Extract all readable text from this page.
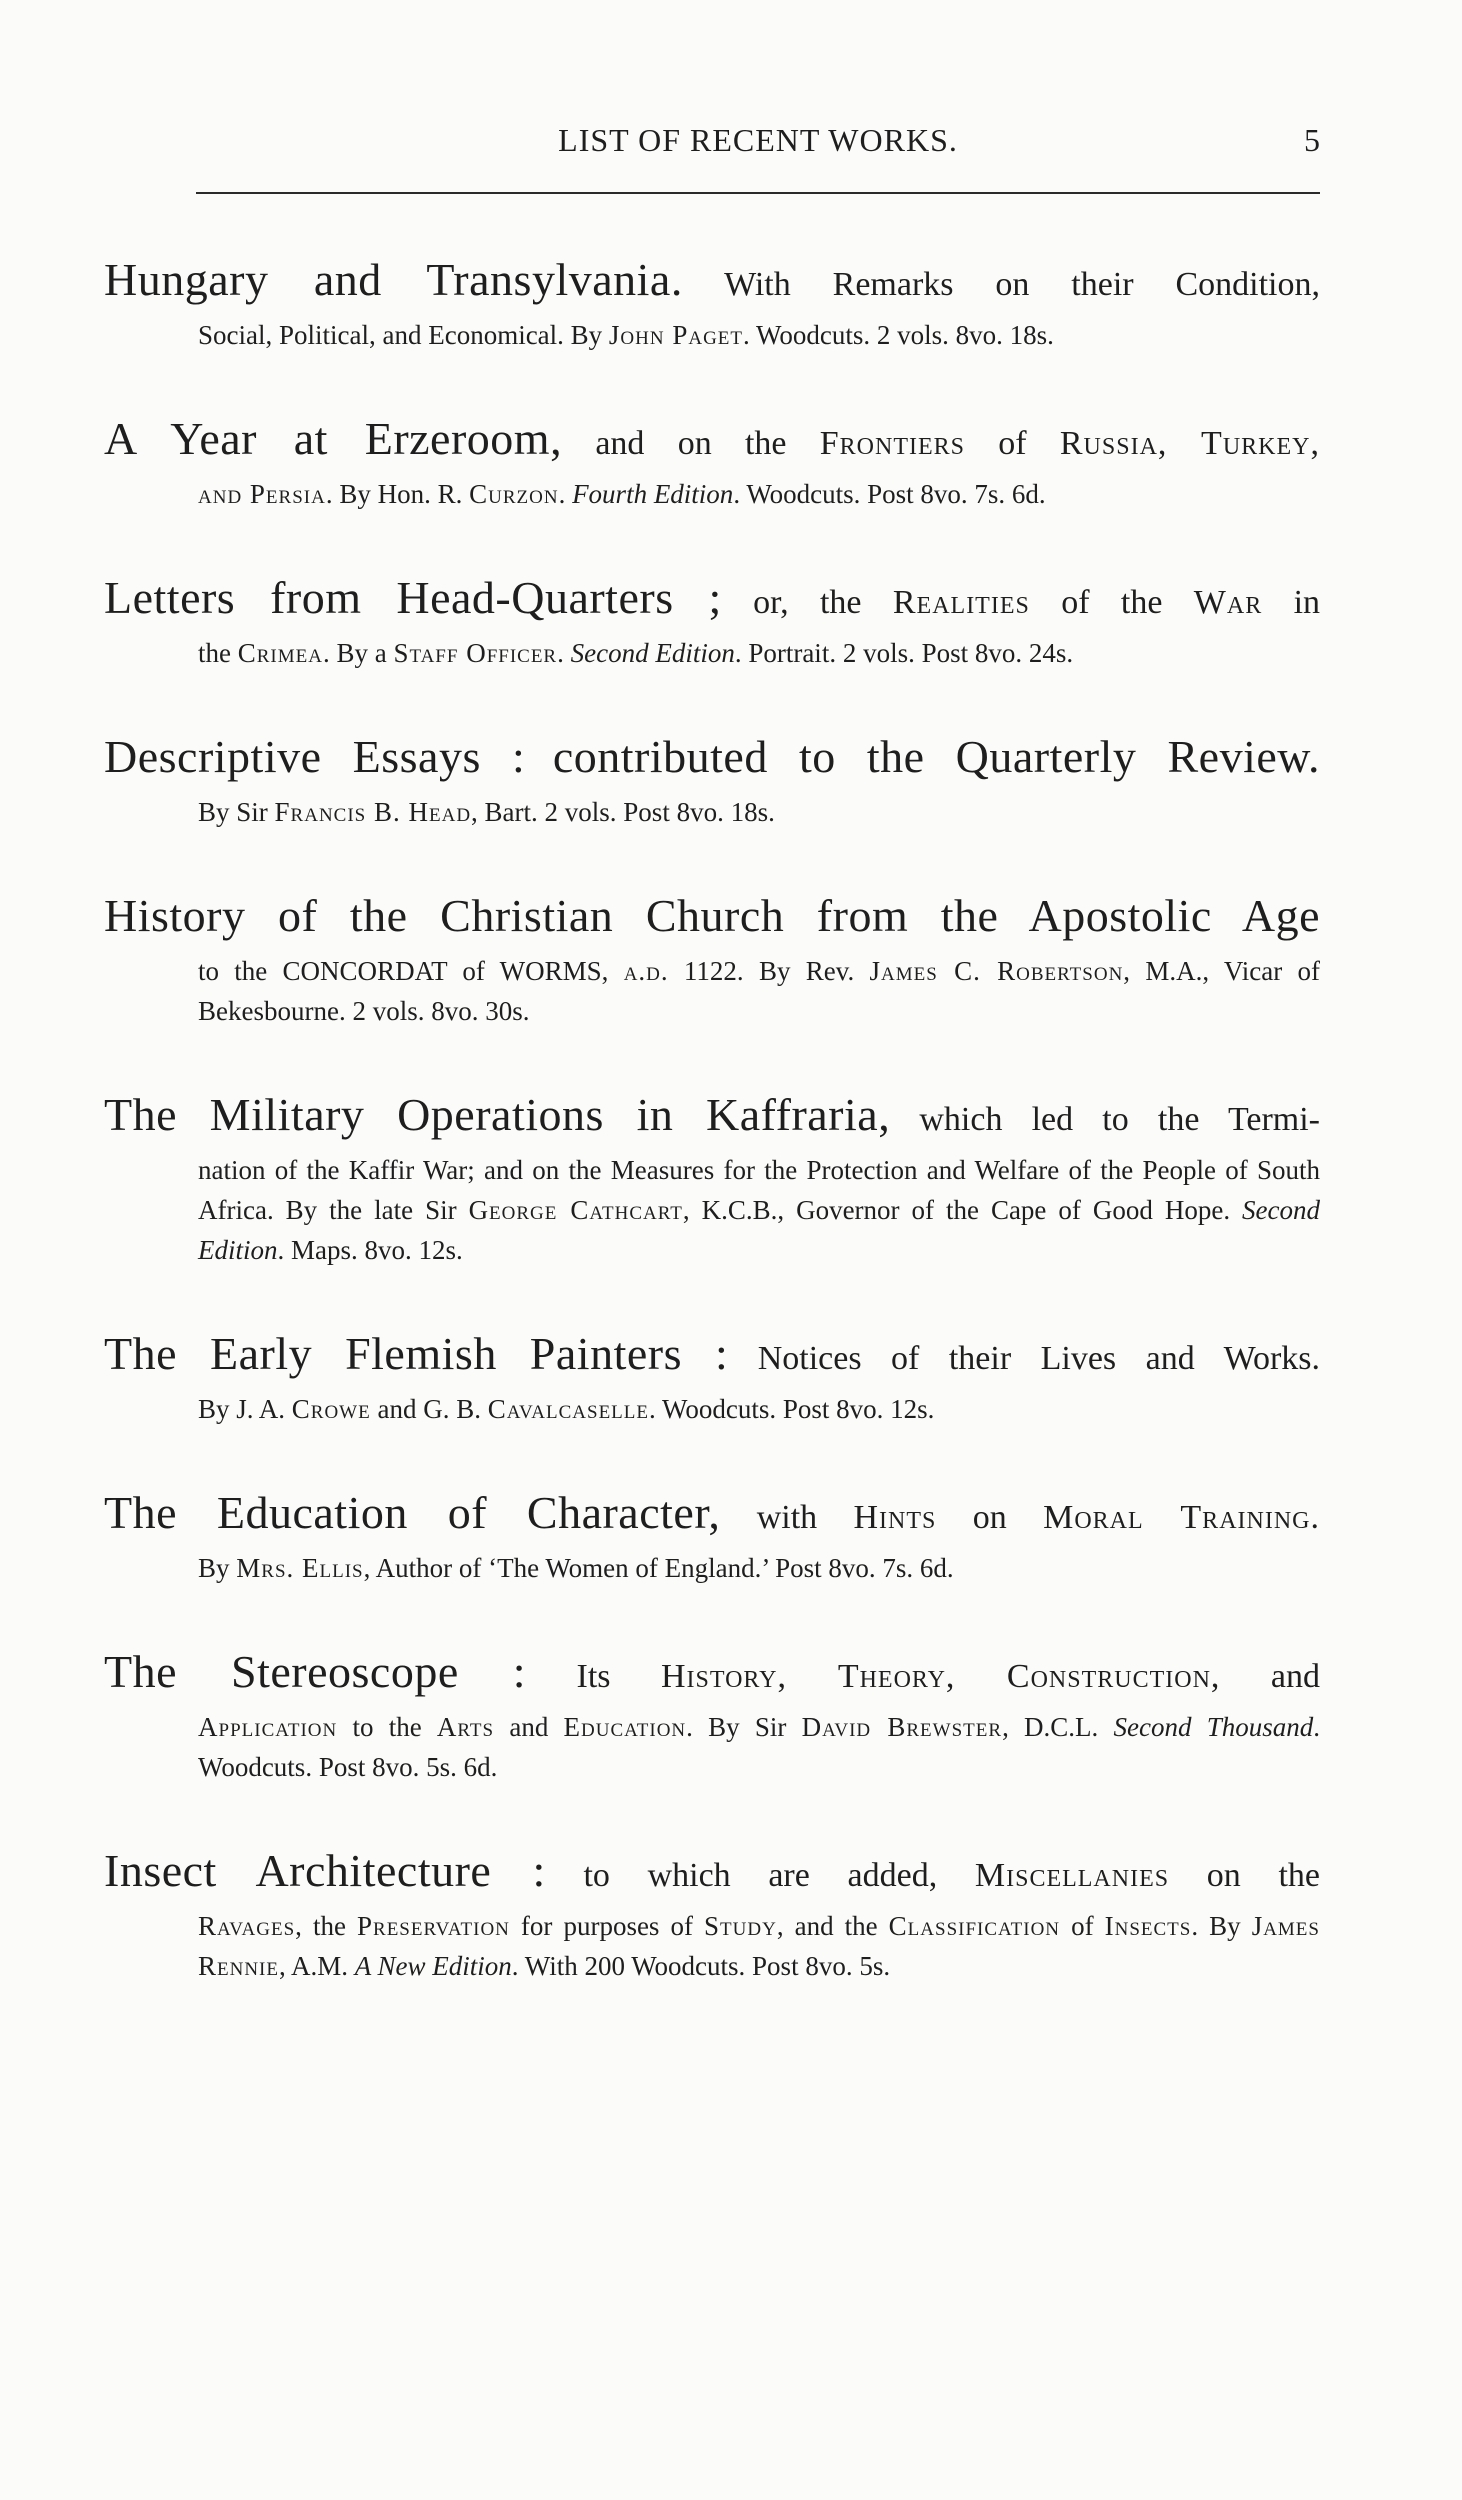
LIST OF RECENT WORKS.	5
Hungary and Transylvania. With Remarks on their Condition,
Social, Political, and Economical. By John Paget. Woodcuts. 2 vols. 8vo. 18s.
A Year at Erzeroom, and on the Frontiers of Russia, Turkey,
and Persia. By Hon. R. Curzon. Fourth Edition. Woodcuts. Post 8vo. 7s. 6d.
Letters from Head-Quarters ; or, the Realities of the War in
the Crimea. By a Staff Officer. Second Edition. Portrait. 2 vols. Post 8vo. 24s.
Descriptive Essays : contributed to the Quarterly Review.
By Sir Francis B. Head, Bart. 2 vols. Post 8vo. 18s.
History of the Christian Church from the Apostolic Age
to the CONCORDAT of WORMS, a.d. 1122. By Rev. James C. Robertson, M.A., Vicar of Bekesbourne. 2 vols. 8vo. 30s.
The Military Operations in Kaffraria, which led to the Termi-
nation of the Kaffir War; and on the Measures for the Protection and Welfare of the People of South Africa. By the late Sir George Cathcart, K.C.B., Governor of the Cape of Good Hope. Second Edition. Maps. 8vo. 12s.
The Early Flemish Painters : Notices of their Lives and Works.
By J. A. Crowe and G. B. Cavalcaselle. Woodcuts. Post 8vo. 12s.
The Education of Character, with Hints on Moral Training.
By Mrs. Ellis, Author of ‘The Women of England.’ Post 8vo. 7s. 6d.
The Stereoscope : Its History, Theory, Construction, and
Application to the Arts and Education. By Sir David Brewster, D.C.L. Second Thousand. Woodcuts. Post 8vo. 5s. 6d.
Insect Architecture : to which are added, Miscellanies on the
Ravages, the Preservation for purposes of Study, and the Classification of Insects. By James Rennie, A.M. A New Edition. With 200 Woodcuts. Post 8vo. 5s.
